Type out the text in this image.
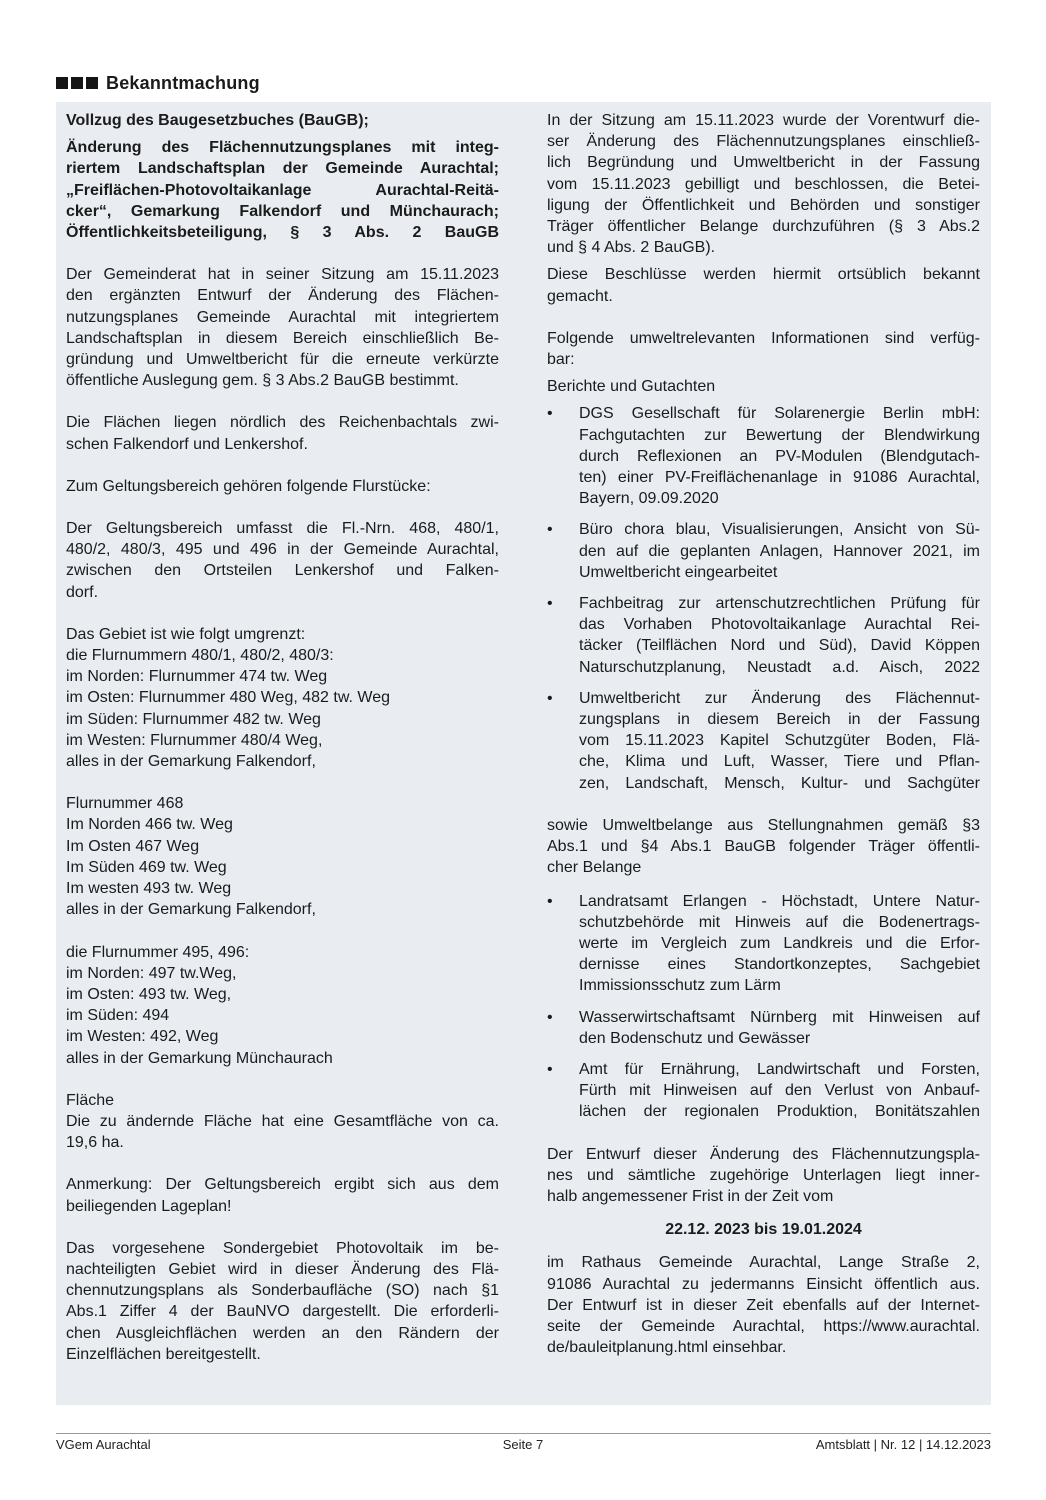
Bekanntmachung

Vollzug des Baugesetzbuches (BauGB);

Änderung des Flächennutzungsplanes mit integ-

riertem Landschaftsplan der Gemeinde Aurachtal;

„Freiflächen-Photovoltaikanlage Aurachtal-Reitä-

cker“, Gemarkung Falkendorf und Münchaurach;

Öffentlichkeitsbeteiligung, § 3 Abs. 2 BauGB

Der Gemeinderat hat in seiner Sitzung am 15.11.2023

den ergänzten Entwurf der Änderung des Flächen-

nutzungsplanes Gemeinde Aurachtal mit integriertem

Landschaftsplan in diesem Bereich einschließlich Be-

gründung und Umweltbericht für die erneute verkürzte

öffentliche Auslegung gem. § 3 Abs.2 BauGB bestimmt.

Die Flächen liegen nördlich des Reichenbachtals zwi-

schen Falkendorf und Lenkershof.

Zum Geltungsbereich gehören folgende Flurstücke:

Der Geltungsbereich umfasst die Fl.-Nrn. 468, 480/1,

480/2, 480/3, 495 und 496 in der Gemeinde Aurachtal,

zwischen den Ortsteilen Lenkershof und Falken-

dorf.

Das Gebiet ist wie folgt umgrenzt:

die Flurnummern 480/1, 480/2, 480/3:

im Norden: Flurnummer 474 tw. Weg

im Osten: Flurnummer 480 Weg, 482 tw. Weg

im Süden: Flurnummer 482 tw. Weg

im Westen: Flurnummer 480/4 Weg,

alles in der Gemarkung Falkendorf,

Flurnummer 468

Im Norden 466 tw. Weg

Im Osten 467 Weg

Im Süden 469 tw. Weg

Im westen 493 tw. Weg

alles in der Gemarkung Falkendorf,

die Flurnummer 495, 496:

im Norden: 497 tw.Weg,

im Osten: 493 tw. Weg,

im Süden: 494

im Westen: 492, Weg

alles in der Gemarkung Münchaurach

Fläche

Die zu ändernde Fläche hat eine Gesamtfläche von ca.

19,6 ha.

Anmerkung: Der Geltungsbereich ergibt sich aus dem

beiliegenden Lageplan!

Das vorgesehene Sondergebiet Photovoltaik im be-

nachteiligten Gebiet wird in dieser Änderung des Flä-

chennutzungsplans als Sonderbaufläche (SO) nach §1

Abs.1 Ziffer 4 der BauNVO dargestellt. Die erforderli-

chen Ausgleichflächen werden an den Rändern der

Einzelflächen bereitgestellt.

In der Sitzung am 15.11.2023 wurde der Vorentwurf die-

ser Änderung des Flächennutzungsplanes einschließ-

lich Begründung und Umweltbericht in der Fassung

vom 15.11.2023 gebilligt und beschlossen, die Betei-

ligung der Öffentlichkeit und Behörden und sonstiger

Träger öffentlicher Belange durchzuführen (§ 3 Abs.2

und § 4 Abs. 2 BauGB).

Diese Beschlüsse werden hiermit ortsüblich bekannt

gemacht.

Folgende umweltrelevanten Informationen sind verfüg-

bar:

Berichte und Gutachten

•	DGS Gesellschaft für Solarenergie Berlin mbH:

Fachgutachten zur Bewertung der Blendwirkung

durch Reflexionen an PV-Modulen (Blendgutach-

ten) einer PV-Freiflächenanlage in 91086 Aurachtal,

Bayern, 09.09.2020

•	Büro chora blau, Visualisierungen, Ansicht von Sü-

den auf die geplanten Anlagen, Hannover 2021, im

Umweltbericht eingearbeitet

•	Fachbeitrag zur artenschutzrechtlichen Prüfung für

das Vorhaben Photovoltaikanlage Aurachtal Rei-

täcker (Teilflächen Nord und Süd), David Köppen

Naturschutzplanung, Neustadt a.d. Aisch, 2022

•	Umweltbericht zur Änderung des Flächennut-

zungsplans in diesem Bereich in der Fassung

vom 15.11.2023 Kapitel Schutzgüter Boden, Flä-

che, Klima und Luft, Wasser, Tiere und Pflan-

zen, Landschaft, Mensch, Kultur- und Sachgüter

sowie Umweltbelange aus Stellungnahmen gemäß §3

Abs.1 und §4 Abs.1 BauGB folgender Träger öffentli-

cher Belange

•	Landratsamt Erlangen - Höchstadt, Untere Natur-

schutzbehörde mit Hinweis auf die Bodenertrags-

werte im Vergleich zum Landkreis und die Erfor-

dernisse eines Standortkonzeptes, Sachgebiet

Immissionsschutz zum Lärm

•	Wasserwirtschaftsamt Nürnberg mit Hinweisen auf

den Bodenschutz und Gewässer

•	Amt für Ernährung, Landwirtschaft und Forsten,

Fürth mit Hinweisen auf den Verlust von Anbauf-

lächen der regionalen Produktion, Bonitätszahlen

Der Entwurf dieser Änderung des Flächennutzungspla-

nes und sämtliche zugehörige Unterlagen liegt inner-

halb angemessener Frist in der Zeit vom

22.12. 2023 bis 19.01.2024

im Rathaus Gemeinde Aurachtal, Lange Straße 2,

91086 Aurachtal zu jedermanns Einsicht öffentlich aus.

Der Entwurf ist in dieser Zeit ebenfalls auf der Internet-

seite der Gemeinde Aurachtal, https://www.aurachtal.

de/bauleitplanung.html einsehbar.

VGem Aurachtal	Seite 7	Amtsblatt | Nr. 12 | 14.12.2023
